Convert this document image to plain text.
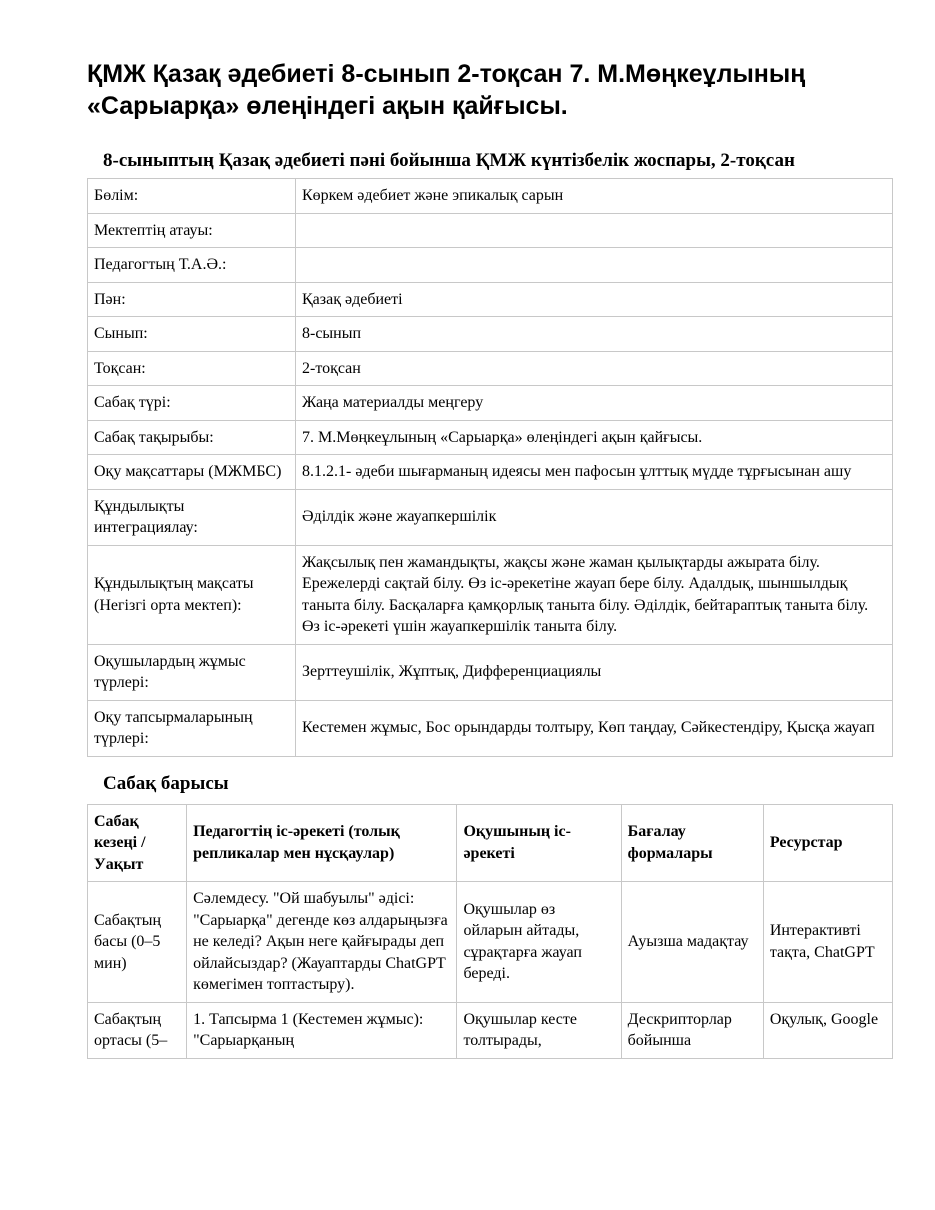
ҚМЖ Қазақ әдебиеті 8-сынып 2-тоқсан 7. М.Мөңкеұлының «Сарыарқа» өлеңіндегі ақын қайғысы.
8-сыныптың Қазақ әдебиеті пәні бойынша ҚМЖ күнтізбелік жоспары, 2-тоқсан
Бөлім:	Көркем әдебиет және эпикалық сарын
Мектептің атауы:	
Педагогтың Т.А.Ә.:	
Пән:	Қазақ әдебиеті
Сынып:	8-сынып
Тоқсан:	2-тоқсан
Сабақ түрі:	Жаңа материалды меңгеру
Сабақ тақырыбы:	7. М.Мөңкеұлының «Сарыарқа» өлеңіндегі ақын қайғысы.
Оқу мақсаттары (МЖМБС)	8.1.2.1- әдеби шығарманың идеясы мен пафосын ұлттық мүдде тұрғысынан ашу
Құндылықты интеграциялау:	Әділдік және жауапкершілік
Құндылықтың мақсаты (Негізгі орта мектеп):	Жақсылық пен жамандықты, жақсы және жаман қылықтарды ажырата білу. Ережелерді сақтай білу. Өз іс-әрекетіне жауап бере білу. Адалдық, шыншылдық таныта білу. Басқаларға қамқорлық таныта білу. Әділдік, бейтараптық таныта білу. Өз іс-әрекеті үшін жауапкершілік таныта білу.
Оқушылардың жұмыс түрлері:	Зерттеушілік, Жұптық, Дифференциациялы
Оқу тапсырмаларының түрлері:	Кестемен жұмыс, Бос орындарды толтыру, Көп таңдау, Сәйкестендіру, Қысқа жауап
Сабақ барысы
Сабақ кезеңі / Уақыт	Педагогтің іс-әрекеті (толық репликалар мен нұсқаулар)	Оқушының іс-әрекеті	Бағалау формалары	Ресурстар
Сабақтың басы (0–5 мин)	Сәлемдесу. "Ой шабуылы" әдісі: "Сарыарқа" дегенде көз алдарыңызға не келеді? Ақын неге қайғырады деп ойлайсыздар? (Жауаптарды ChatGPT көмегімен топтастыру).	Оқушылар өз ойларын айтады, сұрақтарға жауап береді.	Ауызша мадақтау	Интерактивті тақта, ChatGPT
Сабақтың ортасы (5–	1. Тапсырма 1 (Кестемен жұмыс): "Сарыарқаның	Оқушылар кесте толтырады,	Дескрипторлар бойынша	Оқулық, Google
